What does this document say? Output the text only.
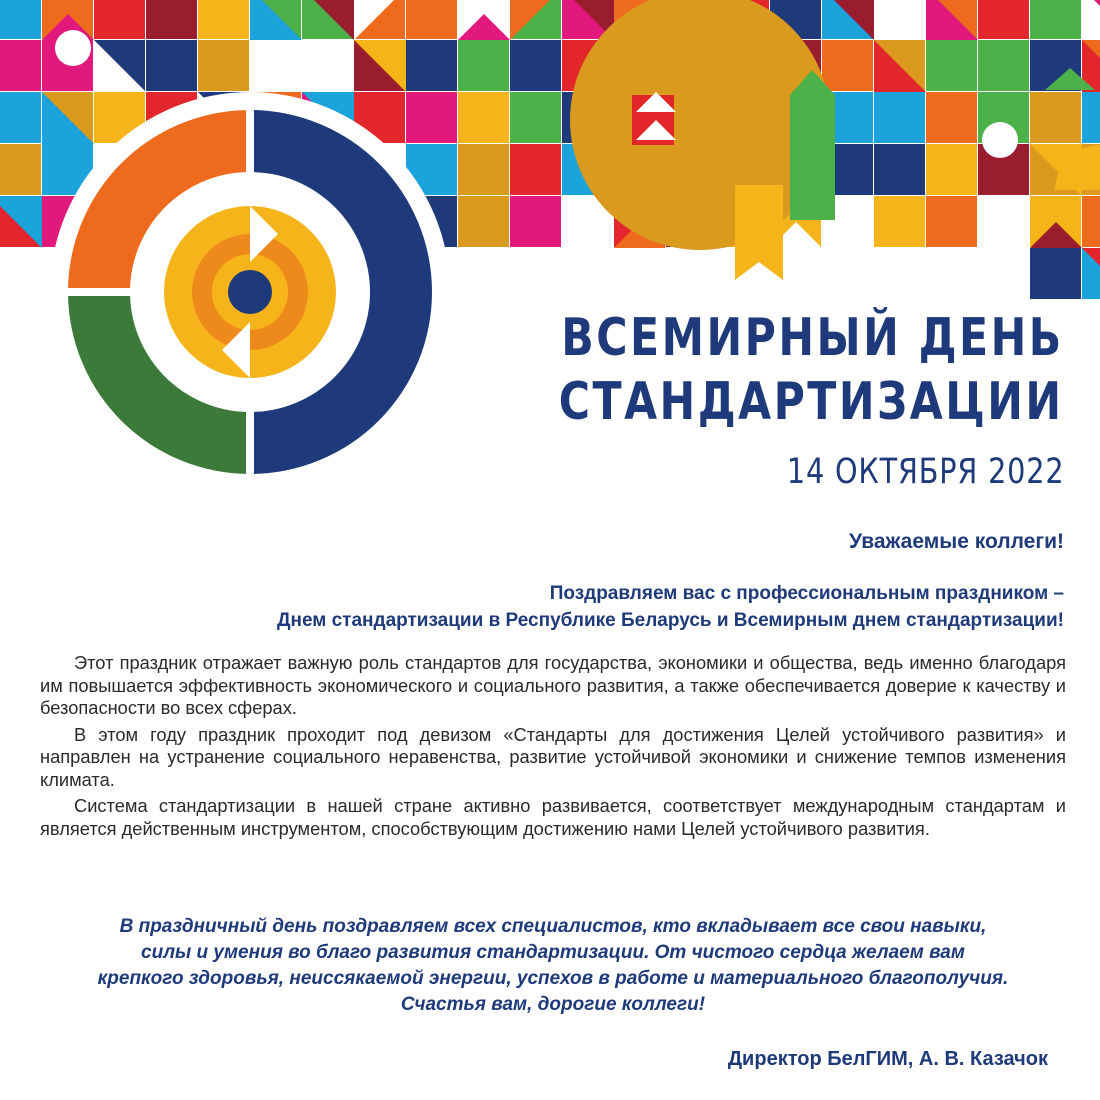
ВСЕМИРНЫЙ ДЕНЬ
СТАНДАРТИЗАЦИИ
14 ОКТЯБРЯ 2022
Уважаемые коллеги!
Поздравляем вас с профессиональным праздником –
Днем стандартизации в Республике Беларусь и Всемирным днем стандартизации!

Этот праздник отражает важную роль стандартов для государства, экономики и общества, ведь именно благодаря им повышается эффективность экономического и социального развития, а также обеспечивается доверие к качеству и безопасности во всех сферах.

В этом году праздник проходит под девизом «Стандарты для достижения Целей устойчивого развития» и направлен на устранение социального неравенства, развитие устойчивой экономики и снижение темпов изменения климата.

Система стандартизации в нашей стране активно развивается, соответствует международным стандартам и является действенным инструментом, способствующим достижению нами Целей устойчивого развития.

В праздничный день поздравляем всех специалистов, кто вкладывает все свои навыки,
силы и умения во благо развития стандартизации. От чистого сердца желаем вам
крепкого здоровья, неиссякаемой энергии, успехов в работе и материального благополучия.
Счастья вам, дорогие коллеги!
Директор БелГИМ, А. В. Казачок
